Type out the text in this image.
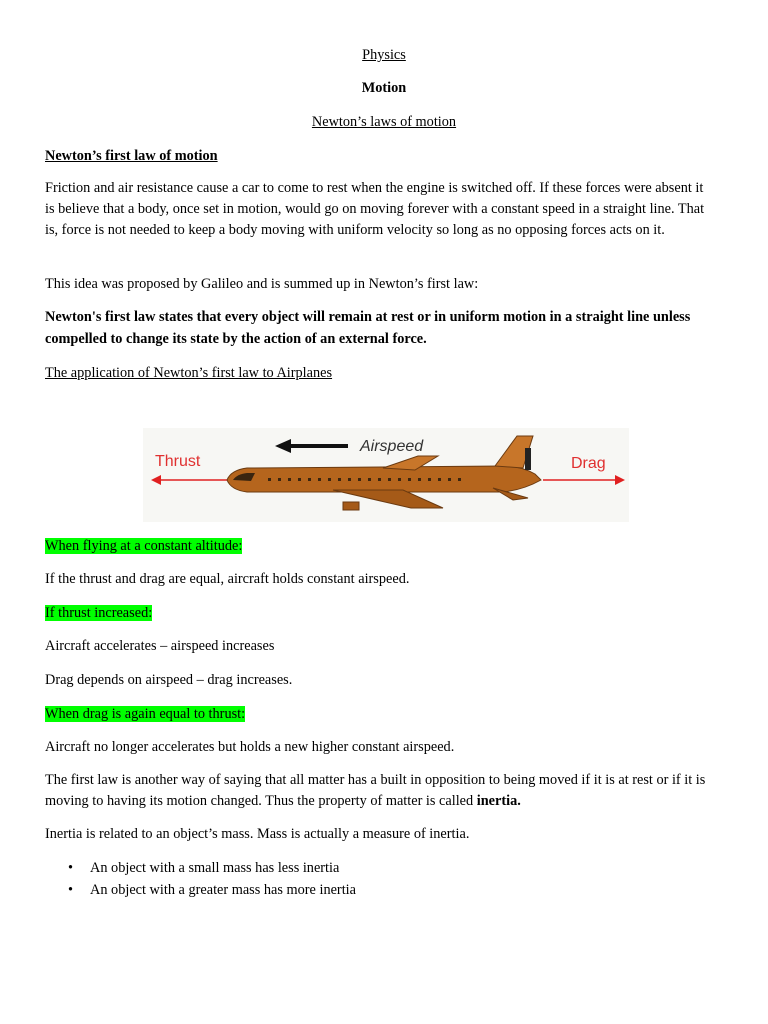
Physics
Motion
Newton’s laws of motion
Newton’s first law of motion
Friction and air resistance cause a car to come to rest when the engine is switched off. If these forces were absent it is believe that a body, once set in motion, would go on moving forever with a constant speed in a straight line. That is, force is not needed to keep a body moving with uniform velocity so long as no opposing forces acts on it.
This idea was proposed by Galileo and is summed up in Newton’s first law:
Newton's first law states that every object will remain at rest or in uniform motion in a straight line unless compelled to change its state by the action of an external force.
The application of Newton’s first law to Airplanes
Thrust
Airspeed
Drag
When flying at a constant altitude:
If the thrust and drag are equal, aircraft holds constant airspeed.
If thrust increased:
Aircraft accelerates – airspeed increases
Drag depends on airspeed – drag increases.
When drag is again equal to thrust:
Aircraft no longer accelerates but holds a new higher constant airspeed.
The first law is another way of saying that all matter has a built in opposition to being moved if it is at rest or if it is moving to having its motion changed. Thus the property of matter is called inertia.
Inertia is related to an object’s mass. Mass is actually a measure of inertia.
• An object with a small mass has less inertia
• An object with a greater mass has more inertia
